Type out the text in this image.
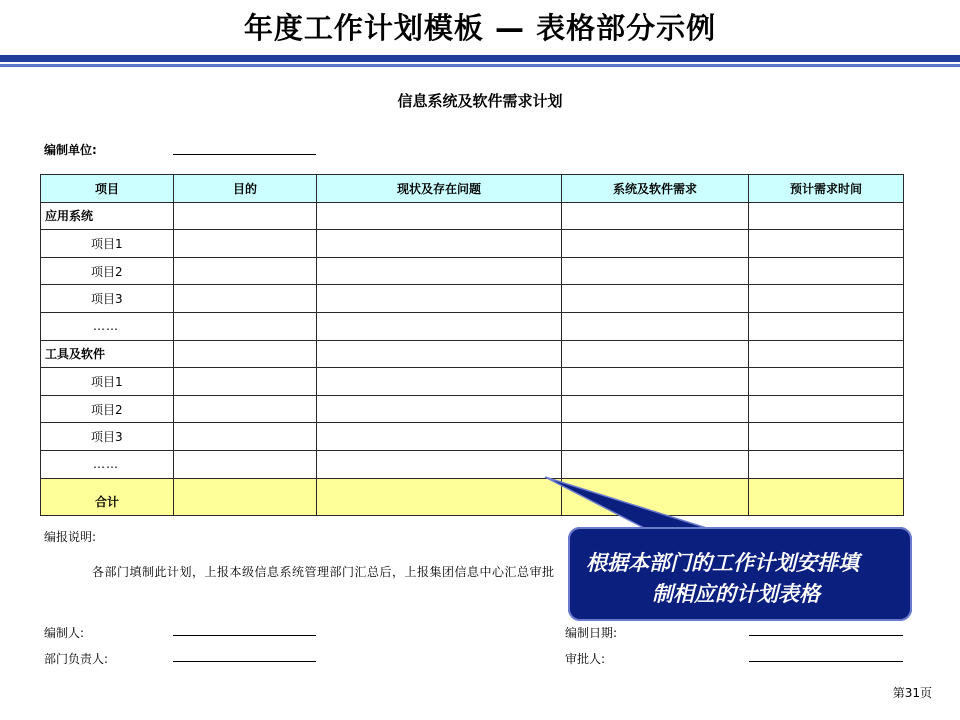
年度工作计划模板 — 表格部分示例
信息系统及软件需求计划
编制单位:
项目	目的	现状及存在问题	系统及软件需求	预计需求时间
应用系统				
项目1				
项目2				
项目3				
……				
工具及软件				
项目1				
项目2				
项目3				
……				
合计				
编报说明:
各部门填制此计划，上报本级信息系统管理部门汇总后，上报集团信息中心汇总审批
编制人:	编制日期:
部门负责人:	审批人:
根据本部门的工作计划安排填
制相应的计划表格
第31页
